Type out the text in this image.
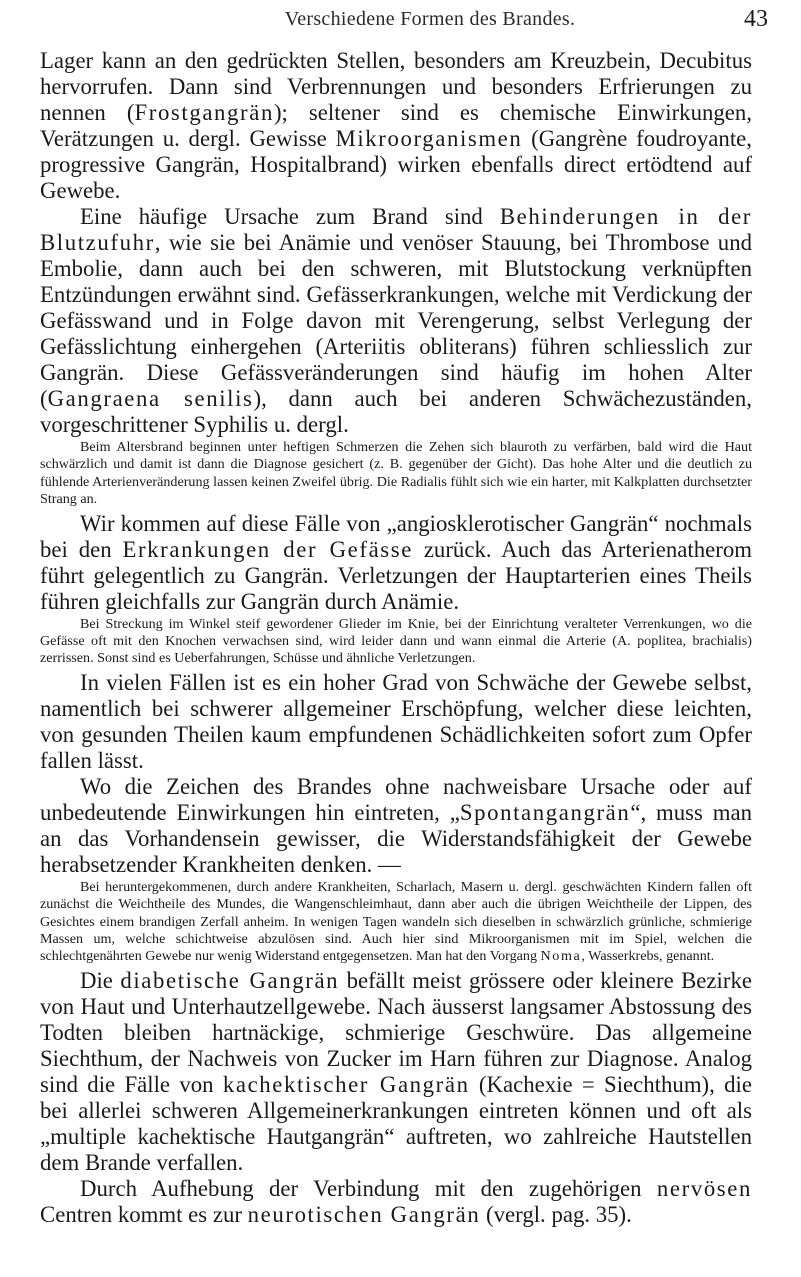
Verschiedene Formen des Brandes.	43

Lager kann an den gedrückten Stellen, besonders am Kreuzbein, Decubitus hervorrufen. Dann sind Verbrennungen und besonders Erfrierungen zu nennen (Frostgangrän); seltener sind es chemische Einwirkungen, Verätzungen u. dergl. Gewisse Mikroorganismen (Gangrène foudroyante, progressive Gangrän, Hospitalbrand) wirken ebenfalls direct ertödtend auf Gewebe.

Eine häufige Ursache zum Brand sind Behinderungen in der Blutzufuhr, wie sie bei Anämie und venöser Stauung, bei Thrombose und Embolie, dann auch bei den schweren, mit Blutstockung verknüpften Entzündungen erwähnt sind. Gefässerkrankungen, welche mit Verdickung der Gefässwand und in Folge davon mit Verengerung, selbst Verlegung der Gefässlichtung einhergehen (Arteriitis obliterans) führen schliesslich zur Gangrän. Diese Gefässveränderungen sind häufig im hohen Alter (Gangraena senilis), dann auch bei anderen Schwächezuständen, vorgeschrittener Syphilis u. dergl.

Beim Altersbrand beginnen unter heftigen Schmerzen die Zehen sich blauroth zu verfärben, bald wird die Haut schwärzlich und damit ist dann die Diagnose gesichert (z. B. gegenüber der Gicht). Das hohe Alter und die deutlich zu fühlende Arterienveränderung lassen keinen Zweifel übrig. Die Radialis fühlt sich wie ein harter, mit Kalkplatten durchsetzter Strang an.

Wir kommen auf diese Fälle von „angiosklerotischer Gangrän“ nochmals bei den Erkrankungen der Gefässe zurück. Auch das Arterienatherom führt gelegentlich zu Gangrän. Verletzungen der Hauptarterien eines Theils führen gleichfalls zur Gangrän durch Anämie.

Bei Streckung im Winkel steif gewordener Glieder im Knie, bei der Einrichtung veralteter Verrenkungen, wo die Gefässe oft mit den Knochen verwachsen sind, wird leider dann und wann einmal die Arterie (A. poplitea, brachialis) zerrissen. Sonst sind es Ueberfahrungen, Schüsse und ähnliche Verletzungen.

In vielen Fällen ist es ein hoher Grad von Schwäche der Gewebe selbst, namentlich bei schwerer allgemeiner Erschöpfung, welcher diese leichten, von gesunden Theilen kaum empfundenen Schädlichkeiten sofort zum Opfer fallen lässt.

Wo die Zeichen des Brandes ohne nachweisbare Ursache oder auf unbedeutende Einwirkungen hin eintreten, „Spontangangrän“, muss man an das Vorhandensein gewisser, die Widerstandsfähigkeit der Gewebe herabsetzender Krankheiten denken. —

Bei heruntergekommenen, durch andere Krankheiten, Scharlach, Masern u. dergl. geschwächten Kindern fallen oft zunächst die Weichtheile des Mundes, die Wangenschleimhaut, dann aber auch die übrigen Weichtheile der Lippen, des Gesichtes einem brandigen Zerfall anheim. In wenigen Tagen wandeln sich dieselben in schwärzlich grünliche, schmierige Massen um, welche schichtweise abzulösen sind. Auch hier sind Mikroorganismen mit im Spiel, welchen die schlechtgenährten Gewebe nur wenig Widerstand entgegensetzen. Man hat den Vorgang Noma, Wasserkrebs, genannt.

Die diabetische Gangrän befällt meist grössere oder kleinere Bezirke von Haut und Unterhautzellgewebe. Nach äusserst langsamer Abstossung des Todten bleiben hartnäckige, schmierige Geschwüre. Das allgemeine Siechthum, der Nachweis von Zucker im Harn führen zur Diagnose. Analog sind die Fälle von kachektischer Gangrän (Kachexie = Siechthum), die bei allerlei schweren Allgemeinerkrankungen eintreten können und oft als „multiple kachektische Hautgangrän“ auftreten, wo zahlreiche Hautstellen dem Brande verfallen.

Durch Aufhebung der Verbindung mit den zugehörigen nervösen Centren kommt es zur neurotischen Gangrän (vergl. pag. 35).
